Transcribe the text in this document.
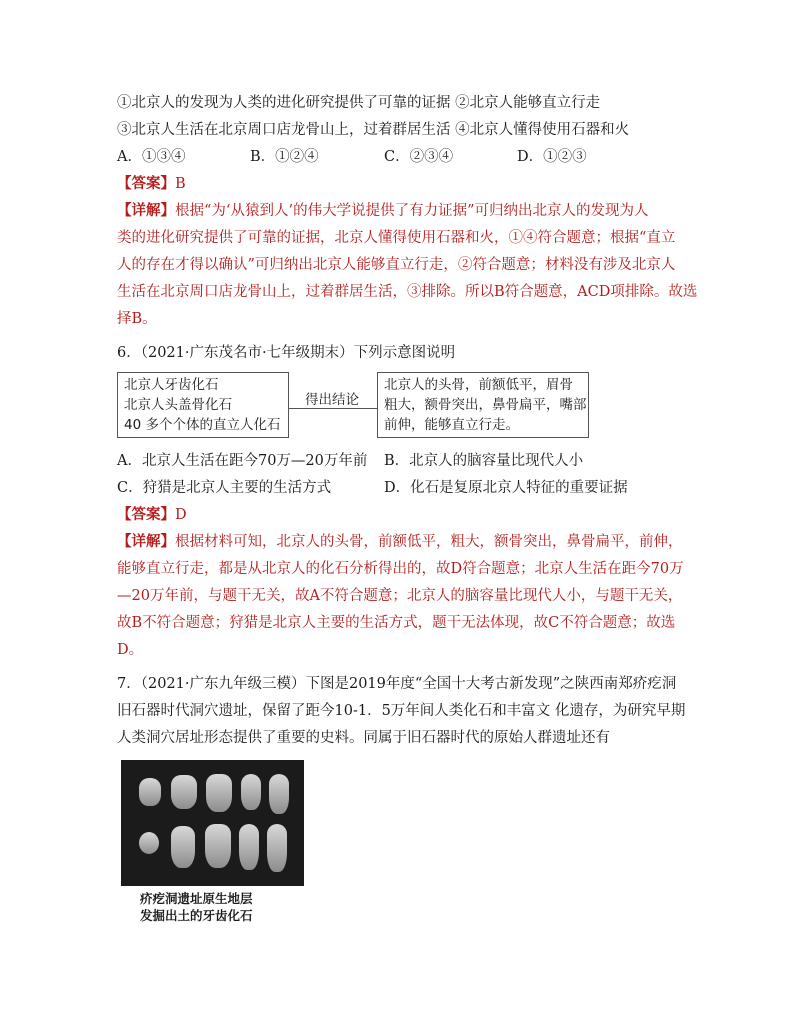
①北京人的发现为人类的进化研究提供了可靠的证据 ②北京人能够直立行走
③北京人生活在北京周口店龙骨山上，过着群居生活 ④北京人懂得使用石器和火
A．①③④	B．①②④	C．②③④	D．①②③
【答案】B
【详解】根据“为‘从猿到人’的伟大学说提供了有力证据”可归纳出北京人的发现为人
类的进化研究提供了可靠的证据，北京人懂得使用石器和火，①④符合题意；根据“直立
人的存在才得以确认”可归纳出北京人能够直立行走，②符合题意；材料没有涉及北京人
生活在北京周口店龙骨山上，过着群居生活，③排除。所以B符合题意，ACD项排除。故选
择B。
6．（2021·广东茂名市·七年级期末）下列示意图说明
北京人牙齿化石
北京人头盖骨化石
40 多个个体的直立人化石
得出结论
北京人的头骨，前额低平，眉骨
粗大，额骨突出，鼻骨扁平，嘴部
前伸，能够直立行走。
A．北京人生活在距今70万—20万年前 B．北京人的脑容量比现代人小
C．狩猎是北京人主要的生活方式	D．化石是复原北京人特征的重要证据
【答案】D
【详解】根据材料可知，北京人的头骨，前额低平，粗大，额骨突出，鼻骨扁平，前伸，
能够直立行走，都是从北京人的化石分析得出的，故D符合题意；北京人生活在距今70万
—20万年前，与题干无关，故A不符合题意；北京人的脑容量比现代人小，与题干无关，
故B不符合题意；狩猎是北京人主要的生活方式，题干无法体现，故C不符合题意；故选
D。
7．（2021·广东九年级三模）下图是2019年度“全国十大考古新发现”之陕西南郑疥疙洞
旧石器时代洞穴遗址，保留了距今10-1．5万年间人类化石和丰富文 化遗存，为研究早期
人类洞穴居址形态提供了重要的史料。同属于旧石器时代的原始人群遗址还有
疥疙洞遗址原生地层
发掘出土的牙齿化石
